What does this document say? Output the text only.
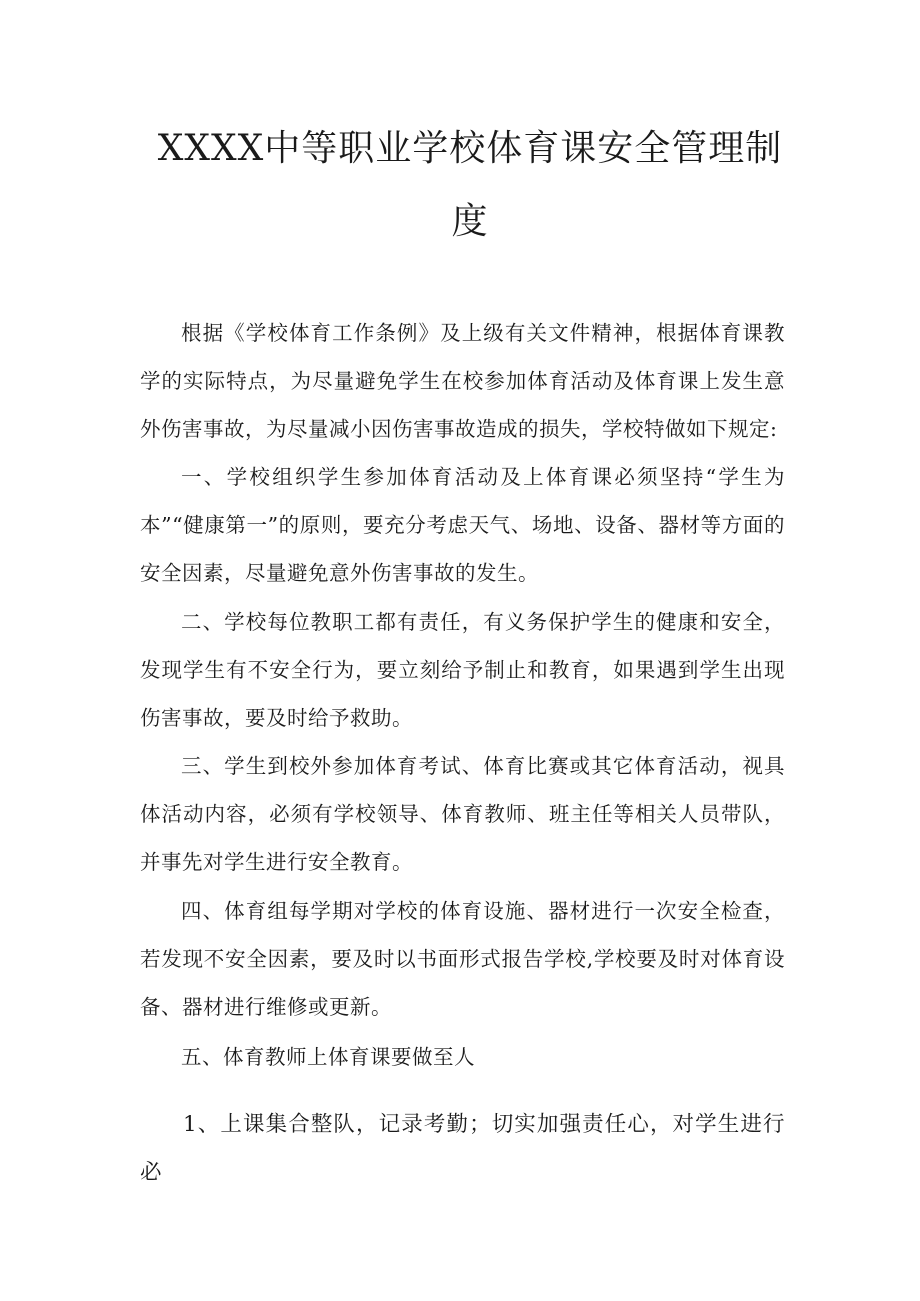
XXXX中等职业学校体育课安全管理制
度

根据《学校体育工作条例》及上级有关文件精神，根据体育课教学的实际特点，为尽量避免学生在校参加体育活动及体育课上发生意外伤害事故，为尽量减小因伤害事故造成的损失，学校特做如下规定:

一、学校组织学生参加体育活动及上体育课必须坚持“学生为本”“健康第一”的原则，要充分考虑天气、场地、设备、器材等方面的安全因素，尽量避免意外伤害事故的发生。

二、学校每位教职工都有责任，有义务保护学生的健康和安全，发现学生有不安全行为，要立刻给予制止和教育，如果遇到学生出现伤害事故，要及时给予救助。

三、学生到校外参加体育考试、体育比赛或其它体育活动，视具体活动内容，必须有学校领导、体育教师、班主任等相关人员带队，并事先对学生进行安全教育。

四、体育组每学期对学校的体育设施、器材进行一次安全检查，若发现不安全因素，要及时以书面形式报告学校,学校要及时对体育设备、器材进行维修或更新。

五、体育教师上体育课要做至人

1、上课集合整队，记录考勤；切实加强责任心，对学生进行必
